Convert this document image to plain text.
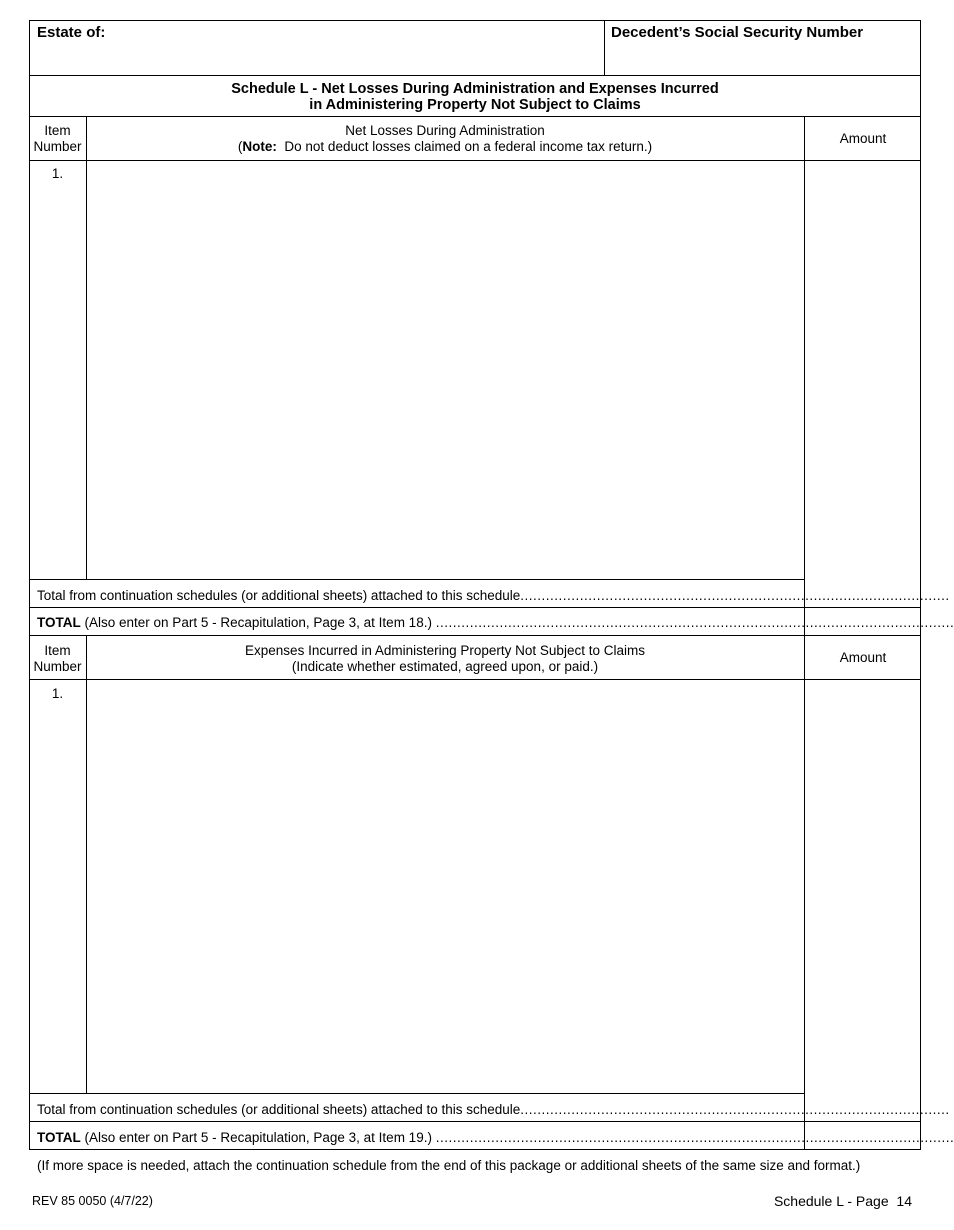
Estate of:	Decedent’s Social Security Number
Schedule L - Net Losses During Administration and Expenses Incurred
in Administering Property Not Subject to Claims
Item
Number
Net Losses During Administration
(Note: Do not deduct losses claimed on a federal income tax return.)
Amount
1.
Total from continuation schedules (or additional sheets) attached to this schedule.....................................................................................................
TOTAL (Also enter on Part 5 - Recapitulation, Page 3, at Item 18.) ..........................................................................................................................
Item
Number
Expenses Incurred in Administering Property Not Subject to Claims
(Indicate whether estimated, agreed upon, or paid.)
Amount
1.
Total from continuation schedules (or additional sheets) attached to this schedule.....................................................................................................
TOTAL (Also enter on Part 5 - Recapitulation, Page 3, at Item 19.) ..........................................................................................................................
(If more space is needed, attach the continuation schedule from the end of this package or additional sheets of the same size and format.)
REV 85 0050 (4/7/22)	Schedule L - Page 14
